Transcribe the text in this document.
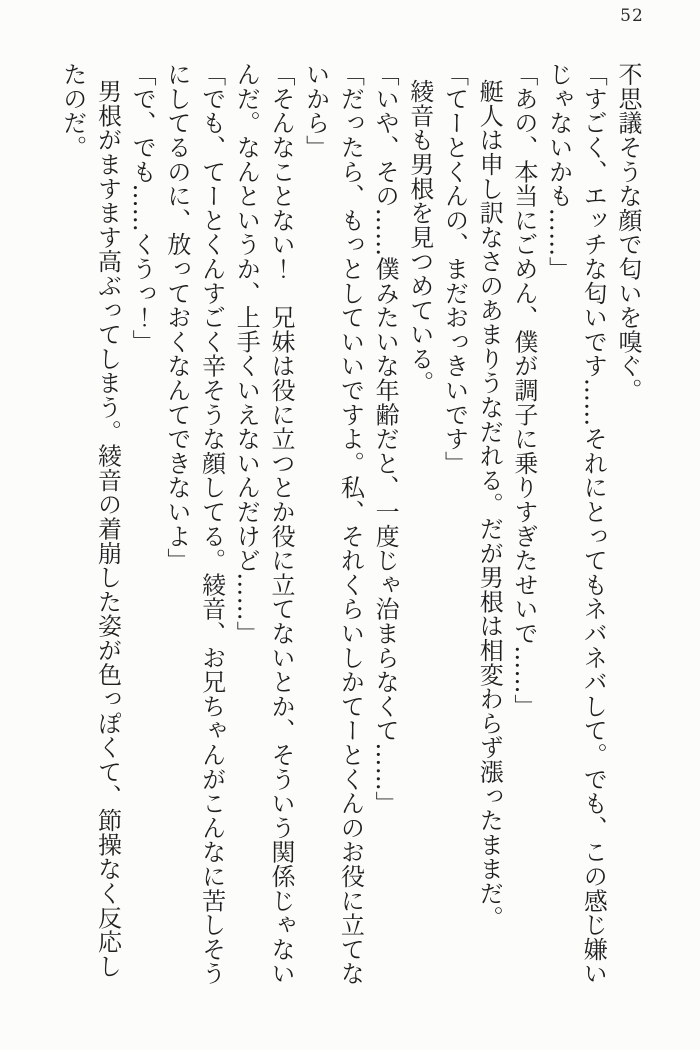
52

不思議そうな顔で匂いを嗅ぐ。

「すごく、エッチな匂いです……それにとってもネバネバして。でも、この感じ嫌いじゃないかも……」

「あの、本当にごめん、僕が調子に乗りすぎたせいで……」

艇人は申し訳なさのあまりうなだれる。だが男根は相変わらず漲ったままだ。

「てーとくんの、まだおっきいです」

綾音も男根を見つめている。

「いや、その……僕みたいな年齢だと、一度じゃ治まらなくて……」

「だったら、もっとしていいですよ。私、それくらいしかてーとくんのお役に立てないから」

「そんなことない！　兄妹は役に立つとか役に立てないとか、そういう関係じゃないんだ。なんというか、上手くいえないんだけど……」

「でも、てーとくんすごく辛そうな顔してる。綾音、お兄ちゃんがこんなに苦しそうにしてるのに、放っておくなんてできないよ」

「で、でも……くうっ！」

男根がますます高ぶってしまう。綾音の着崩した姿が色っぽくて、節操なく反応したのだ。
